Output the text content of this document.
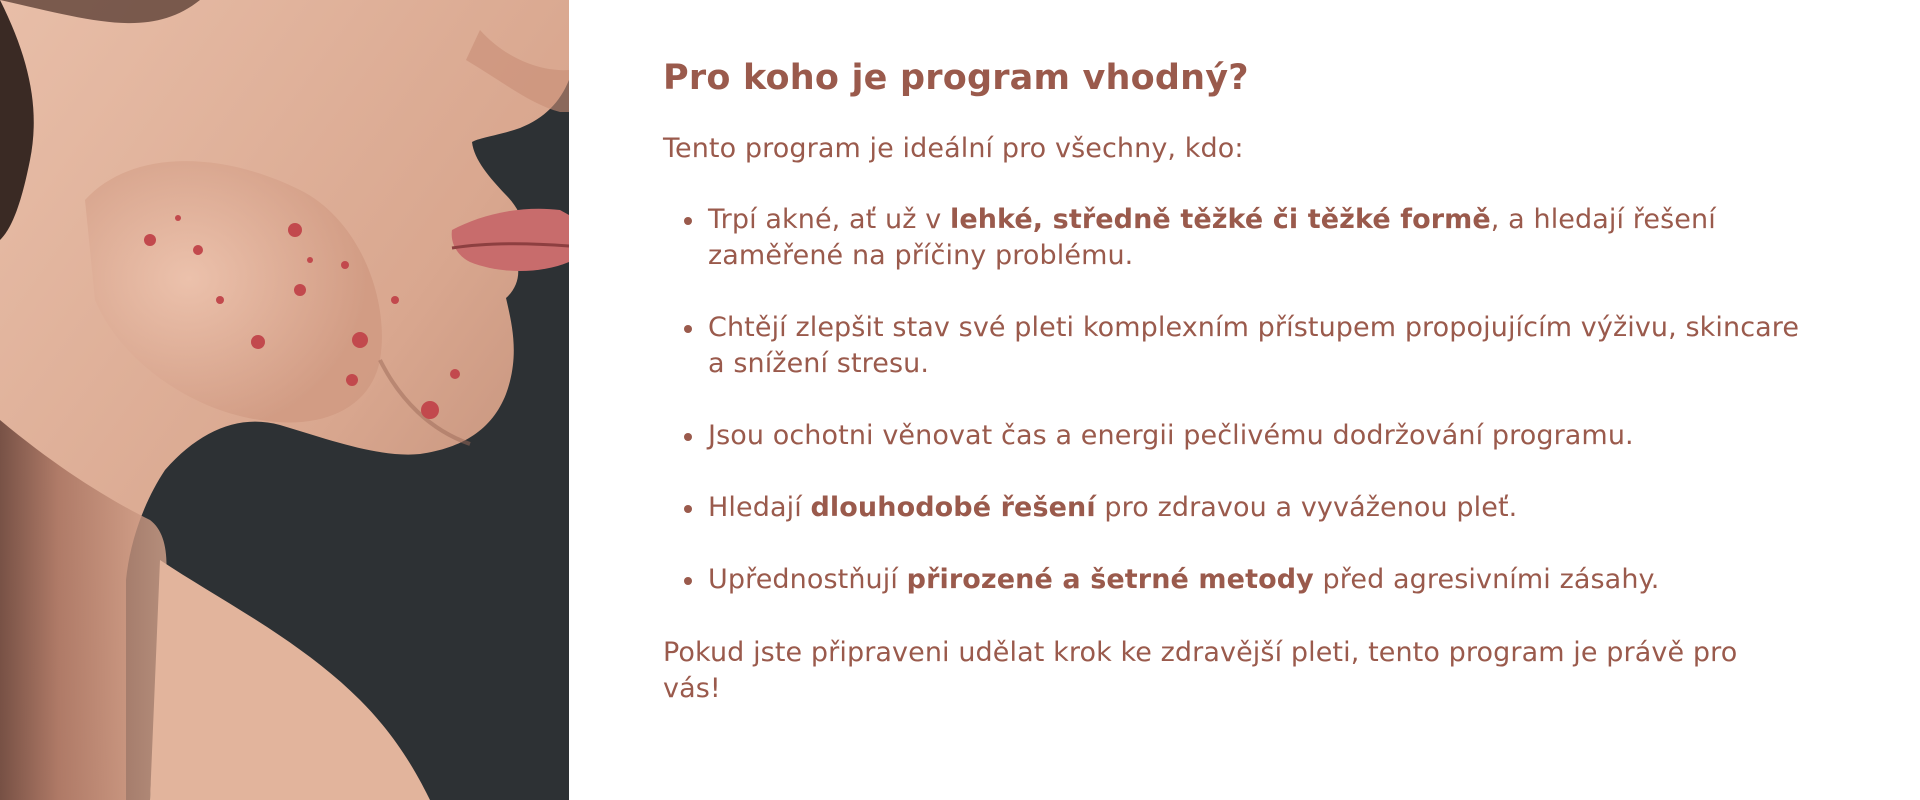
Pro koho je program vhodný?

Tento program je ideální pro všechny, kdo:

Trpí akné, ať už v lehké, středně těžké či těžké formě, a hledají řešení zaměřené na příčiny problému.
Chtějí zlepšit stav své pleti komplexním přístupem propojujícím výživu, skincare a snížení stresu.
Jsou ochotni věnovat čas a energii pečlivému dodržování programu.
Hledají dlouhodobé řešení pro zdravou a vyváženou pleť.
Upřednostňují přirozené a šetrné metody před agresivními zásahy.

Pokud jste připraveni udělat krok ke zdravější pleti, tento program je právě pro vás!
